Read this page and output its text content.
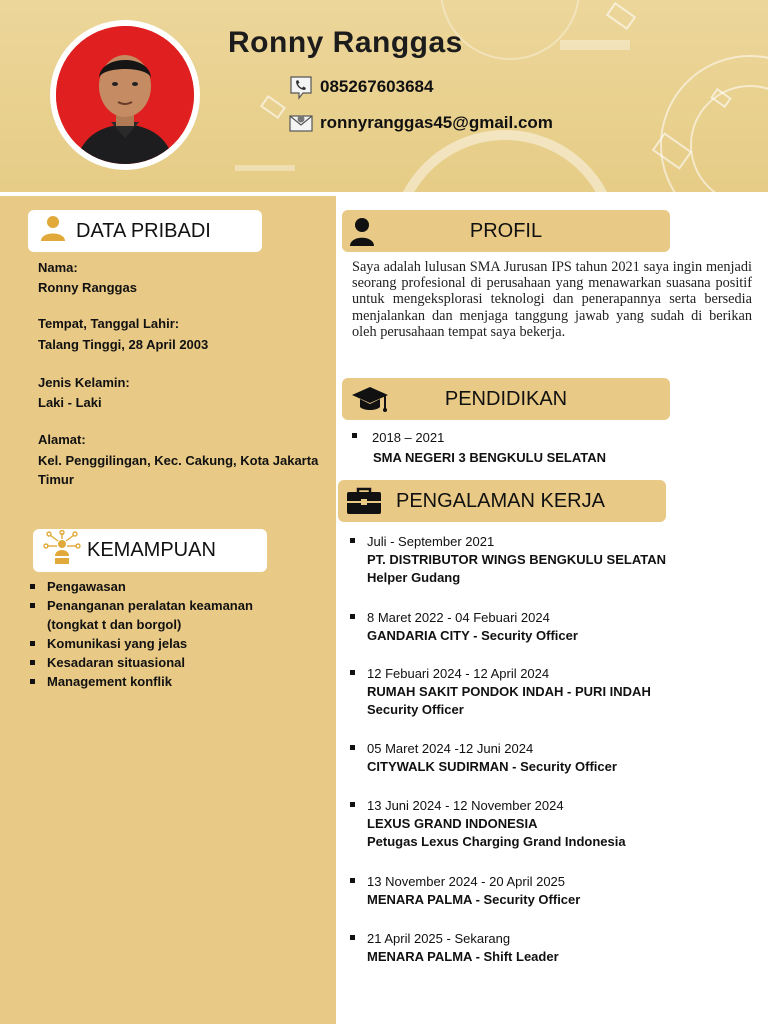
Ronny Ranggas
085267603684
ronnyranggas45@gmail.com
DATA PRIBADI
Nama:
Ronny Ranggas
Tempat, Tanggal Lahir:
Talang Tinggi, 28 April 2003
Jenis Kelamin:
Laki - Laki
Alamat:
Kel. Penggilingan, Kec. Cakung, Kota Jakarta Timur
KEMAMPUAN
Pengawasan
Penanganan peralatan keamanan (tongkat t dan borgol)
Komunikasi yang jelas
Kesadaran situasional
Management konflik
PROFIL
Saya adalah lulusan SMA Jurusan IPS tahun 2021 saya ingin menjadi seorang profesional di perusahaan yang menawarkan suasana positif untuk mengeksplorasi teknologi dan penerapannya serta bersedia menjalankan dan menjaga tanggung jawab yang sudah di berikan oleh perusahaan tempat saya bekerja.
PENDIDIKAN
2018 – 2021
SMA NEGERI 3 BENGKULU SELATAN
PENGALAMAN KERJA
Juli - September 2021
PT. DISTRIBUTOR WINGS BENGKULU SELATAN
Helper Gudang
8 Maret 2022 - 04 Febuari 2024
GANDARIA CITY - Security Officer
12 Febuari 2024 - 12 April 2024
RUMAH SAKIT PONDOK INDAH - PURI INDAH
Security Officer
05 Maret 2024 -12 Juni 2024
CITYWALK SUDIRMAN - Security Officer
13 Juni 2024 - 12 November 2024
LEXUS GRAND INDONESIA
Petugas Lexus Charging Grand Indonesia
13 November 2024 - 20 April 2025
MENARA PALMA - Security Officer
21 April 2025 - Sekarang
MENARA PALMA - Shift Leader
